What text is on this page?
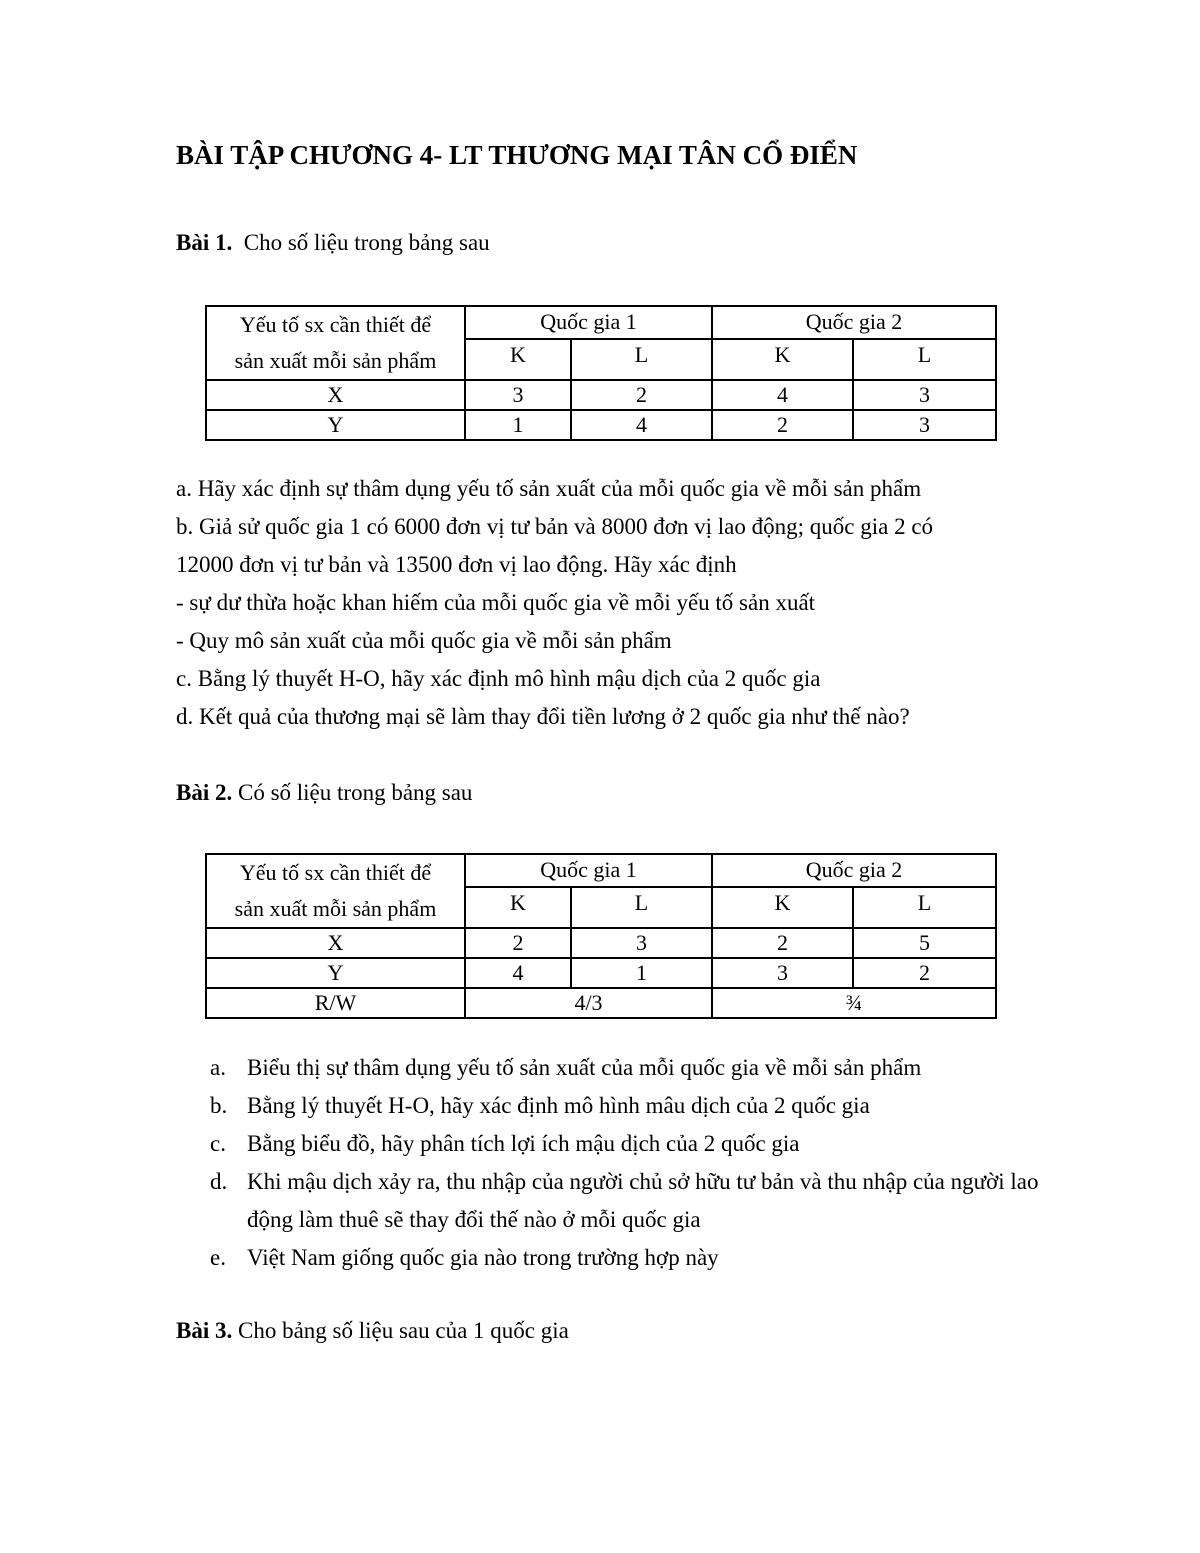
BÀI TẬP CHƯƠNG 4- LT THƯƠNG MẠI TÂN CỔ ĐIỂN
Bài 1. Cho số liệu trong bảng sau
Yếu tố sx cần thiết để
sản xuất mỗi sản phẩm	Quốc gia 1		Quốc gia 2	
	K	L	K	L
X	3	2	4	3
Y	1	4	2	3
a. Hãy xác định sự thâm dụng yếu tố sản xuất của mỗi quốc gia về mỗi sản phẩm
b. Giả sử quốc gia 1 có 6000 đơn vị tư bản và 8000 đơn vị lao động; quốc gia 2 có
12000 đơn vị tư bản và 13500 đơn vị lao động. Hãy xác định
- sự dư thừa hoặc khan hiếm của mỗi quốc gia về mỗi yếu tố sản xuất
- Quy mô sản xuất của mỗi quốc gia về mỗi sản phẩm
c. Bằng lý thuyết H-O, hãy xác định mô hình mậu dịch của 2 quốc gia
d. Kết quả của thương mại sẽ làm thay đổi tiền lương ở 2 quốc gia như thế nào?
Bài 2. Có số liệu trong bảng sau
Yếu tố sx cần thiết để
sản xuất mỗi sản phẩm	Quốc gia 1		Quốc gia 2	
	K	L	K	L
X	2	3	2	5
Y	4	1	3	2
R/W	4/3		¾	
a. Biểu thị sự thâm dụng yếu tố sản xuất của mỗi quốc gia về mỗi sản phẩm
b. Bằng lý thuyết H-O, hãy xác định mô hình mâu dịch của 2 quốc gia
c. Bằng biểu đồ, hãy phân tích lợi ích mậu dịch của 2 quốc gia
d. Khi mậu dịch xảy ra, thu nhập của người chủ sở hữu tư bản và thu nhập của người lao động làm thuê sẽ thay đổi thế nào ở mỗi quốc gia
e. Việt Nam giống quốc gia nào trong trường hợp này
Bài 3. Cho bảng số liệu sau của 1 quốc gia
